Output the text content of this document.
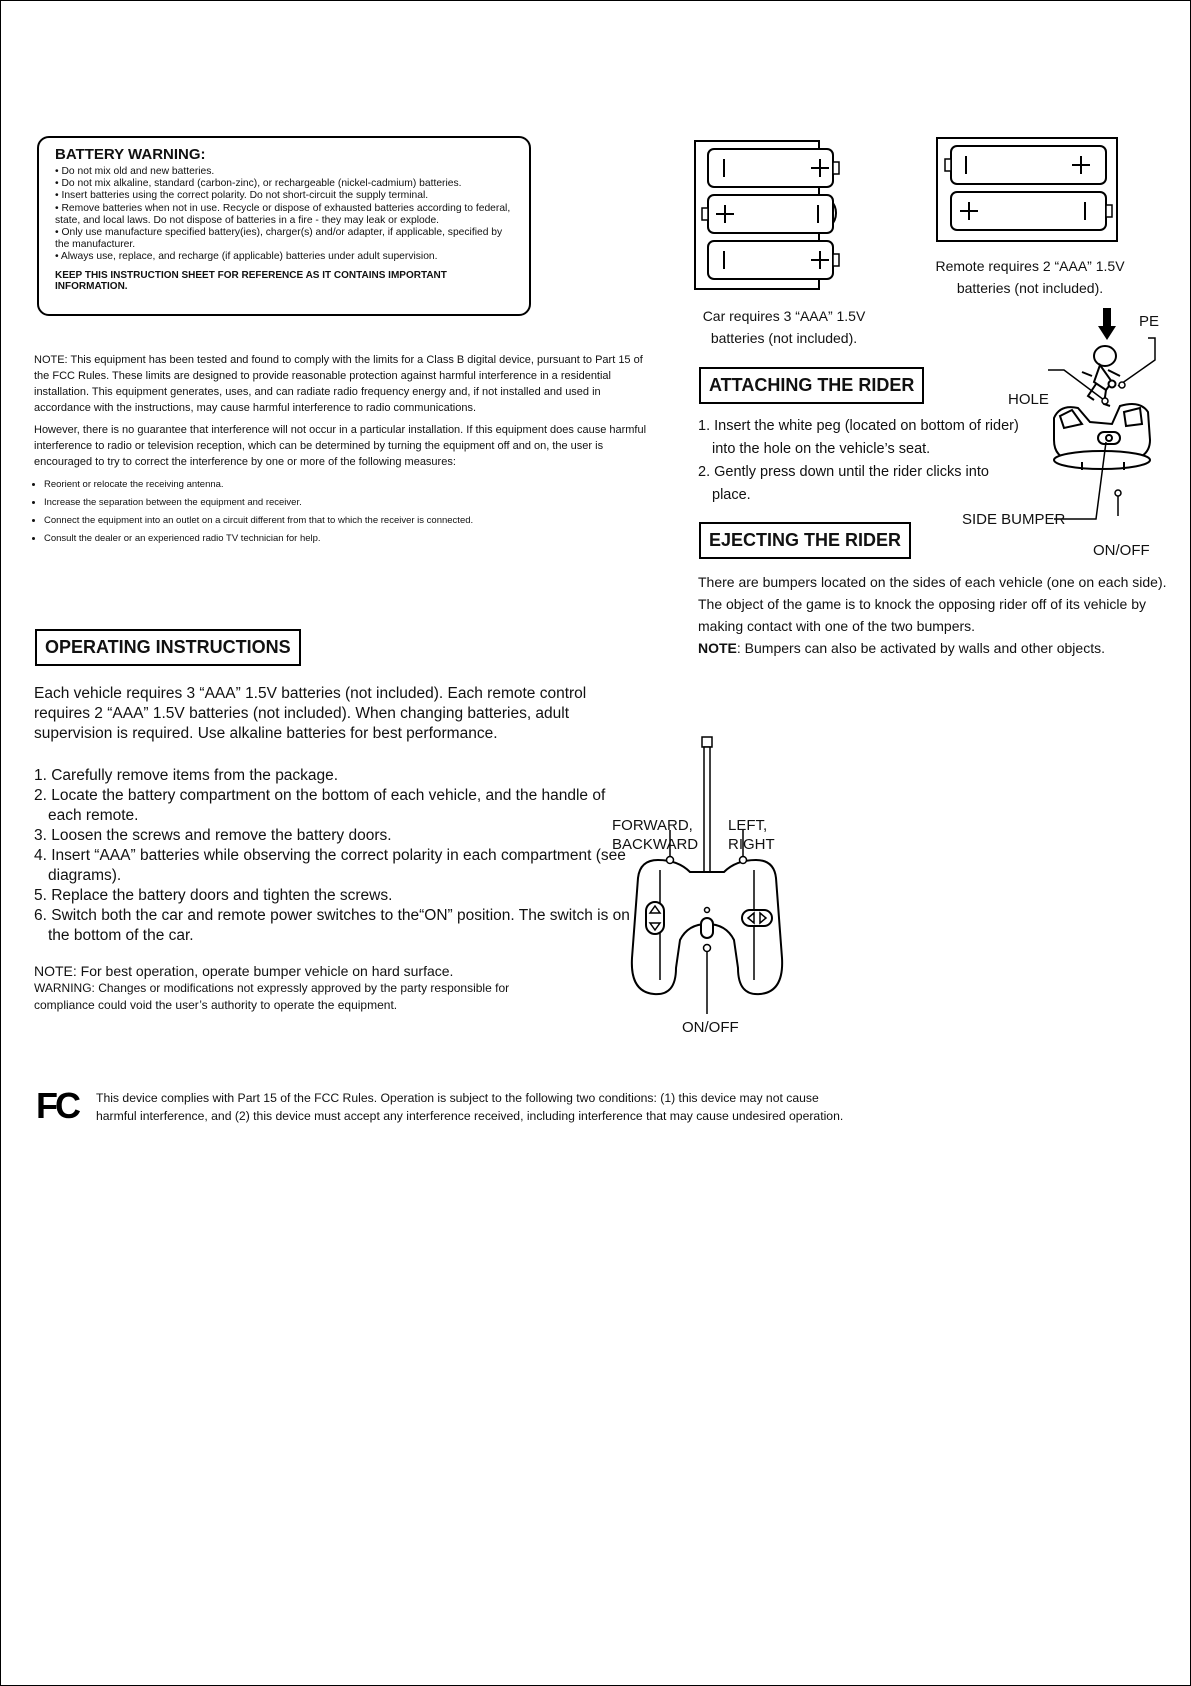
BATTERY WARNING:
• Do not mix old and new batteries.
• Do not mix alkaline, standard (carbon-zinc), or rechargeable (nickel-cadmium) batteries.
• Insert batteries using the correct polarity. Do not short-circuit the supply terminal.
• Remove batteries when not in use. Recycle or dispose of exhausted batteries according to federal, state, and local laws. Do not dispose of batteries in a fire - they may leak or explode.
• Only use manufacture specified battery(ies), charger(s) and/or adapter, if applicable, specified by the manufacturer.
• Always use, replace, and recharge (if applicable) batteries under adult supervision.
KEEP THIS INSTRUCTION SHEET FOR REFERENCE AS IT CONTAINS IMPORTANT INFORMATION.

NOTE: This equipment has been tested and found to comply with the limits for a Class B digital device, pursuant to Part 15 of the FCC Rules. These limits are designed to provide reasonable protection against harmful interference in a residential installation. This equipment generates, uses, and can radiate radio frequency energy and, if not installed and used in accordance with the instructions, may cause harmful interference to radio communications.

However, there is no guarantee that interference will not occur in a particular installation. If this equipment does cause harmful interference to radio or television reception, which can be determined by turning the equipment off and on, the user is encouraged to try to correct the interference by one or more of the following measures:

• Reorient or relocate the receiving antenna.
• Increase the separation between the equipment and receiver.
• Connect the equipment into an outlet on a circuit different from that to which the receiver is connected.
• Consult the dealer or an experienced radio TV technician for help.
OPERATING INSTRUCTIONS

Each vehicle requires 3 “AAA” 1.5V batteries (not included). Each remote control requires 2 “AAA” 1.5V batteries (not included). When changing batteries, adult supervision is required. Use alkaline batteries for best performance.

1. Carefully remove items from the package.
2. Locate the battery compartment on the bottom of each vehicle, and the handle of each remote.
3. Loosen the screws and remove the battery doors.
4. Insert “AAA” batteries while observing the correct polarity in each compartment (see diagrams).
5. Replace the battery doors and tighten the screws.
6. Switch both the car and remote power switches to the“ON” position. The switch is on the bottom of the car.

NOTE: For best operation, operate bumper vehicle on hard surface.

WARNING: Changes or modifications not expressly approved by the party responsible for compliance could void the user’s authority to operate the equipment.

Car requires 3 “AAA” 1.5V batteries (not included).
Remote requires 2 “AAA” 1.5V batteries (not included).
ATTACHING THE RIDER
1. Insert the white peg (located on bottom of rider) into the hole on the vehicle’s seat.
2. Gently press down until the rider clicks into place.
EJECTING THE RIDER

There are bumpers located on the sides of each vehicle (one on each side). The object of the game is to knock the opposing rider off of its vehicle by making contact with one of the two bumpers.

NOTE: Bumpers can also be activated by walls and other objects.

PE
HOLE
SIDE BUMPER
ON/OFF
FORWARD,
BACKWARD
LEFT,
RIGHT
ON/OFF
FC This device complies with Part 15 of the FCC Rules. Operation is subject to the following two conditions: (1) this device may not cause harmful interference, and (2) this device must accept any interference received, including interference that may cause undesired operation.
